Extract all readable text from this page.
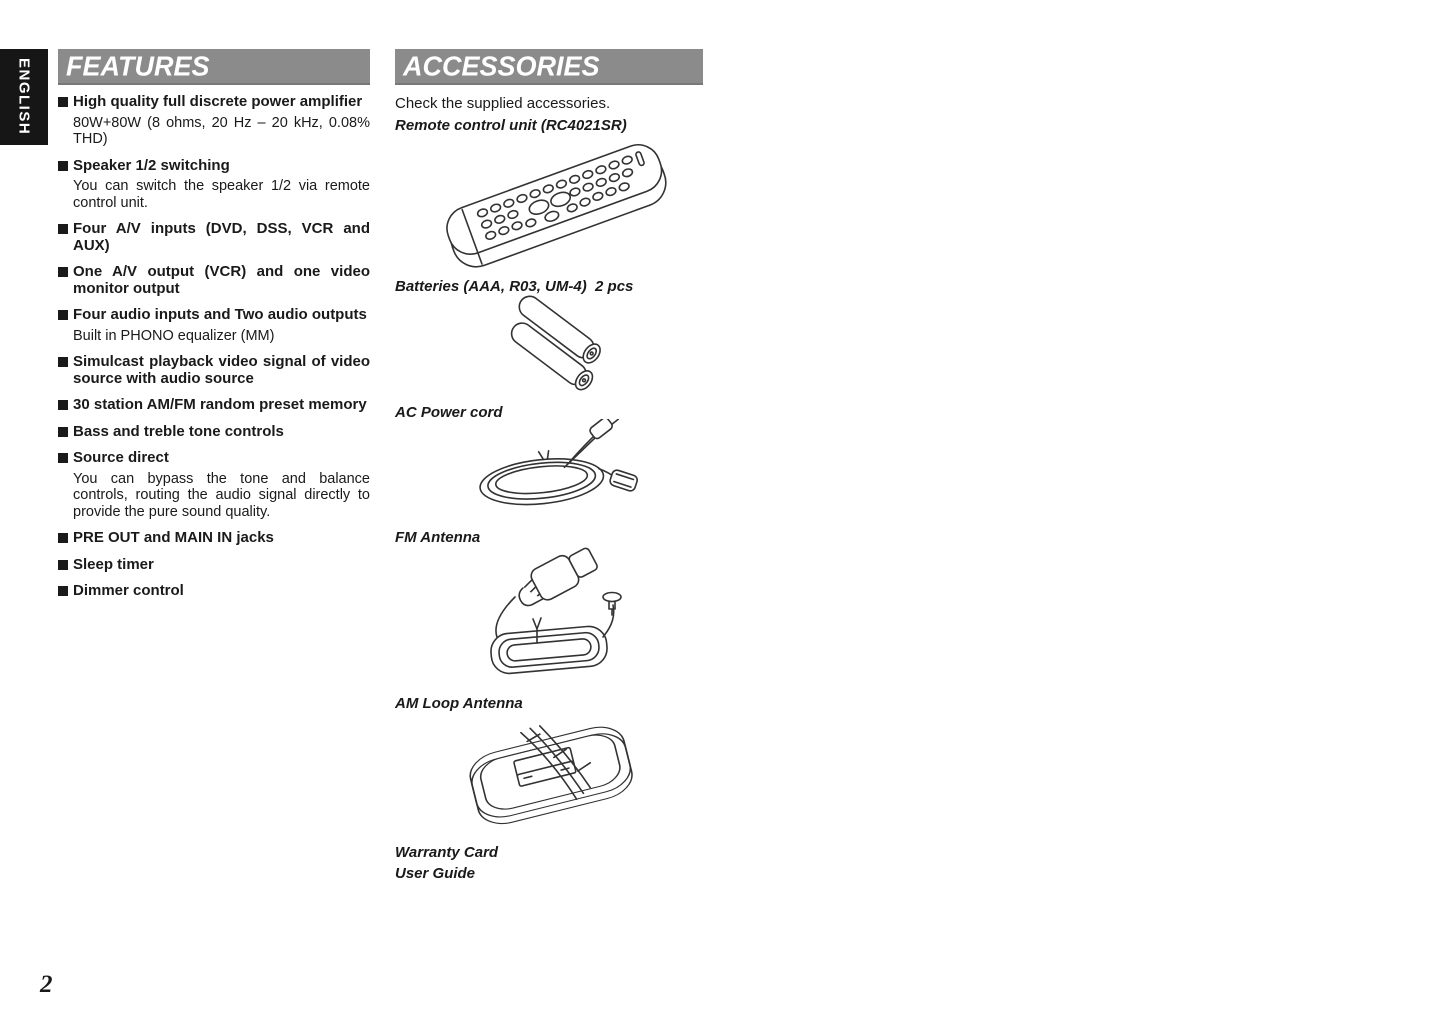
ENGLISH FEATURES
High quality full discrete power amplifier
80W+80W (8 ohms, 20 Hz – 20 kHz, 0.08% THD)
Speaker 1/2 switching
You can switch the speaker 1/2 via remote control unit.
Four A/V inputs (DVD, DSS, VCR and AUX)
One A/V output (VCR) and one video monitor output
Four audio inputs and Two audio outputs
Built in PHONO equalizer (MM)
Simulcast playback video signal of video source with audio source
30 station AM/FM random preset memory
Bass and treble tone controls
Source direct
You can bypass the tone and balance controls, routing the audio signal directly to provide the pure sound quality.
PRE OUT and MAIN IN jacks
Sleep timer
Dimmer control
ACCESSORIES
Check the supplied accessories.
Remote control unit (RC4021SR)
Batteries (AAA, R03, UM-4)  2 pcs
AC Power cord
FM Antenna
AM Loop Antenna
Warranty Card
User Guide
2
